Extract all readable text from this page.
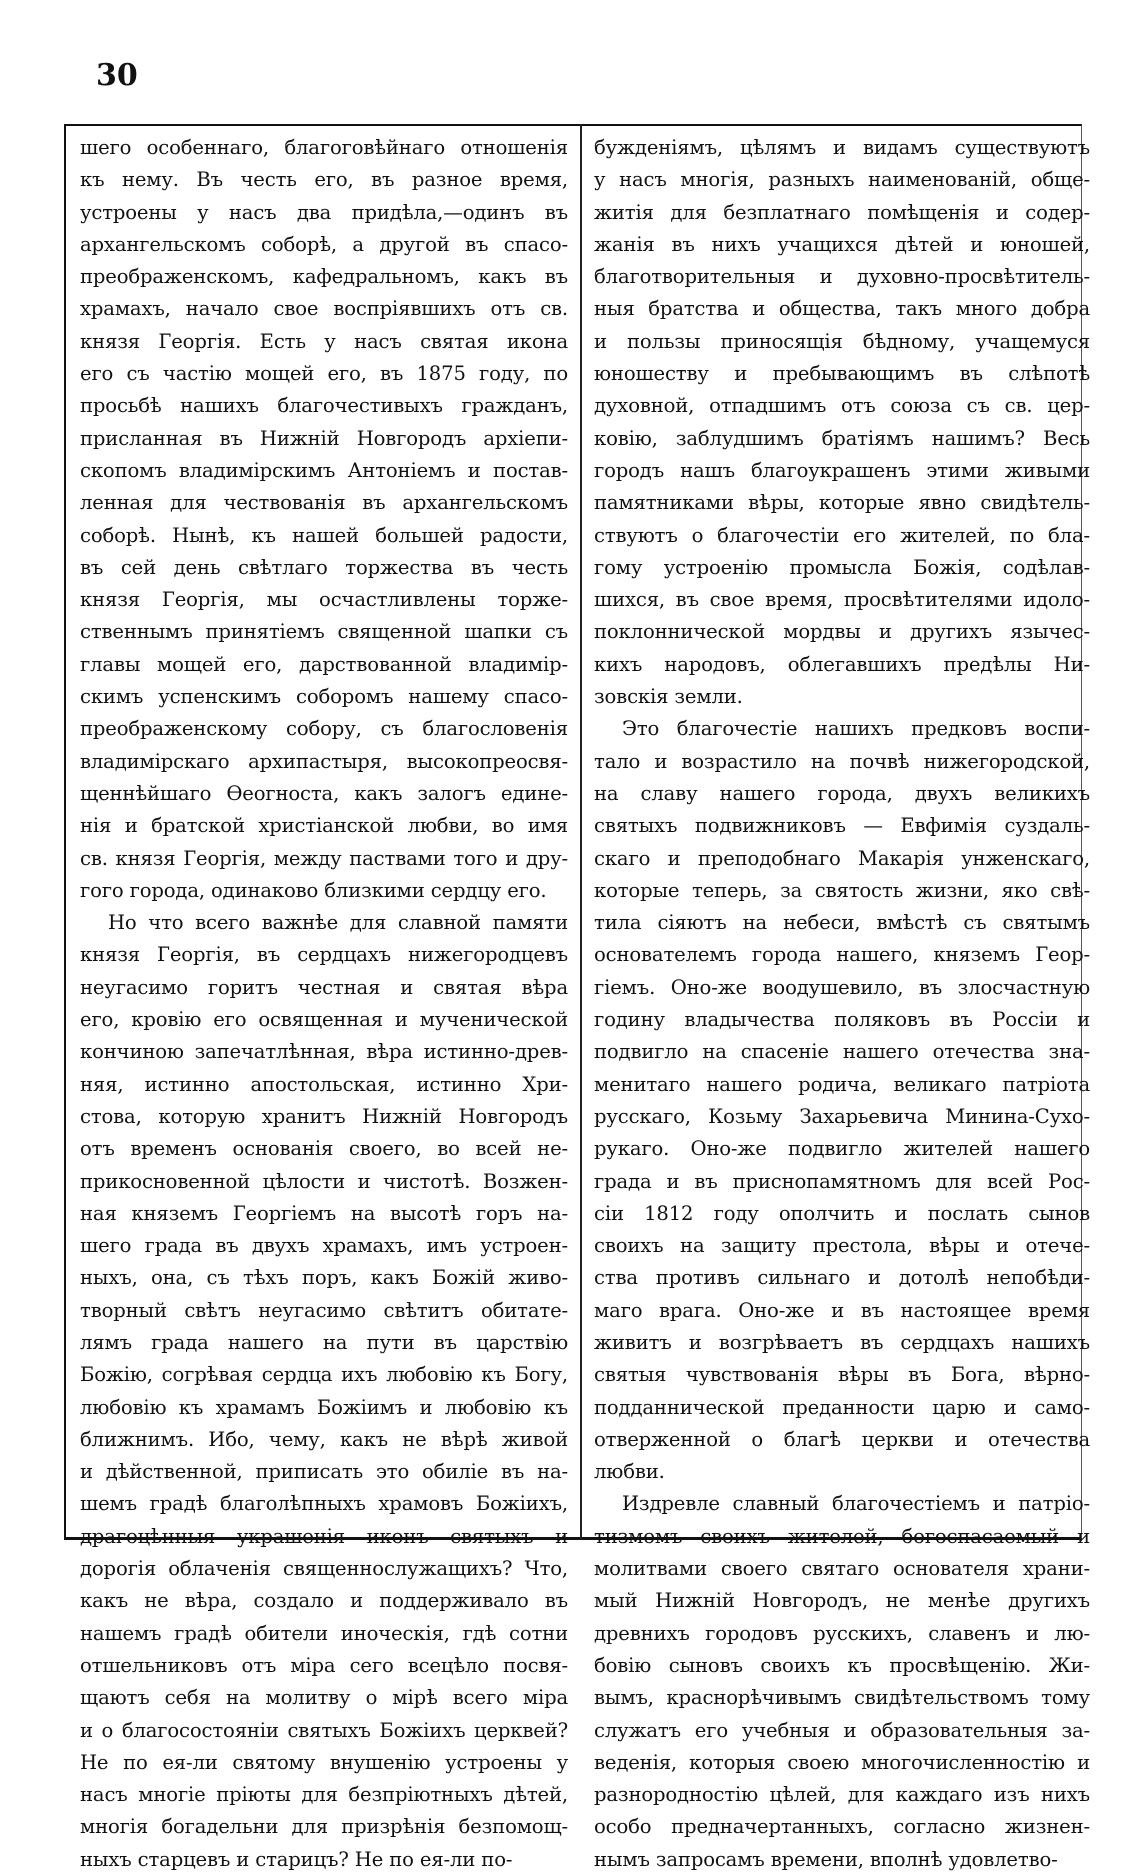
30
шего особеннаго, благоговѣйнаго отношенія
къ нему. Въ честь его, въ разное время,
устроены у насъ два придѣла,—одинъ въ
архангельскомъ соборѣ, а другой въ спасо-
преображенскомъ, кафедральномъ, какъ въ
храмахъ, начало свое воспріявшихъ отъ св.
князя Георгія. Есть у насъ святая икона
его съ частію мощей его, въ 1875 году, по
просьбѣ нашихъ благочестивыхъ гражданъ,
присланная въ Нижній Новгородъ архіепи-
скопомъ владимірскимъ Антоніемъ и постав-
ленная для чествованія въ архангельскомъ
соборѣ. Нынѣ, къ нашей большей радости,
въ сей день свѣтлаго торжества въ честь
князя Георгія, мы осчастливлены торже-
ственнымъ принятіемъ священной шапки съ
главы мощей его, дарствованной владимір-
скимъ успенскимъ соборомъ нашему спасо-
преображенскому собору, съ благословенія
владимірскаго архипастыря, высокопреосвя-
щеннѣйшаго Ѳеогноста, какъ залогъ едине-
нія и братской христіанской любви, во имя
св. князя Георгія, между паствами того и дру-
гого города, одинаково близкими сердцу его.
Но что всего важнѣе для славной памяти
князя Георгія, въ сердцахъ нижегородцевъ
неугасимо горитъ честная и святая вѣра
его, кровію его освященная и мученической
кончиною запечатлѣнная, вѣра истинно-древ-
няя, истинно апостольская, истинно Хри-
стова, которую хранитъ Нижній Новгородъ
отъ временъ основанія своего, во всей не-
прикосновенной цѣлости и чистотѣ. Возжен-
ная княземъ Георгіемъ на высотѣ горъ на-
шего града въ двухъ храмахъ, имъ устроен-
ныхъ, она, съ тѣхъ поръ, какъ Божій живо-
творный свѣтъ неугасимо свѣтитъ обитате-
лямъ града нашего на пути въ царствію
Божію, согрѣвая сердца ихъ любовію къ Богу,
любовію къ храмамъ Божіимъ и любовію къ
ближнимъ. Ибо, чему, какъ не вѣрѣ живой
и дѣйственной, приписать это обиліе въ на-
шемъ градѣ благолѣпныхъ храмовъ Божіихъ,
драгоцѣнныя украшенія иконъ святыхъ и
дорогія облаченія священнослужащихъ? Что,
какъ не вѣра, создало и поддерживало въ
нашемъ градѣ обители иноческія, гдѣ сотни
отшельниковъ отъ міра сего всецѣло посвя-
щаютъ себя на молитву о мірѣ всего міра
и о благосостояніи святыхъ Божіихъ церквей?
Не по ея-ли святому внушенію устроены у
насъ многіе пріюты для безпріютныхъ дѣтей,
многія богадельни для призрѣнія безпомощ-
ныхъ старцевъ и старицъ? Не по ея-ли по-
бужденіямъ, цѣлямъ и видамъ существуютъ
у насъ многія, разныхъ наименованій, обще-
житія для безплатнаго помѣщенія и содер-
жанія въ нихъ учащихся дѣтей и юношей,
благотворительныя и духовно-просвѣтитель-
ныя братства и общества, такъ много добра
и пользы приносящія бѣдному, учащемуся
юношеству и пребывающимъ въ слѣпотѣ
духовной, отпадшимъ отъ союза съ св. цер-
ковію, заблудшимъ братіямъ нашимъ? Весь
городъ нашъ благоукрашенъ этими живыми
памятниками вѣры, которые явно свидѣтель-
ствуютъ о благочестіи его жителей, по бла-
гому устроенію промысла Божія, содѣлав-
шихся, въ свое время, просвѣтителями идоло-
поклоннической мордвы и другихъ язычес-
кихъ народовъ, облегавшихъ предѣлы Ни-
зовскія земли.
Это благочестіе нашихъ предковъ воспи-
тало и возрастило на почвѣ нижегородской,
на славу нашего города, двухъ великихъ
святыхъ подвижниковъ — Евфимія суздаль-
скаго и преподобнаго Макарія унженскаго,
которые теперь, за святость жизни, яко свѣ-
тила сіяютъ на небеси, вмѣстѣ съ святымъ
основателемъ города нашего, княземъ Геор-
гіемъ. Оно-же воодушевило, въ злосчастную
годину владычества поляковъ въ Россіи и
подвигло на спасеніе нашего отечества зна-
менитаго нашего родича, великаго патріота
русскаго, Козьму Захарьевича Минина-Сухо-
рукаго. Оно-же подвигло жителей нашего
града и въ приснопамятномъ для всей Рос-
сіи 1812 году ополчить и послать сынов
своихъ на защиту престола, вѣры и отече-
ства противъ сильнаго и дотолѣ непобѣди-
маго врага. Оно-же и въ настоящее время
живитъ и возгрѣваетъ въ сердцахъ нашихъ
святыя чувствованія вѣры въ Бога, вѣрно-
подданнической преданности царю и само-
отверженной о благѣ церкви и отечества
любви.
Издревле славный благочестіемъ и патріо-
тизмомъ своихъ жителей, богоспасаемый и
молитвами своего святаго основателя хрaни-
мый Нижній Новгородъ, не менѣе другихъ
древнихъ городовъ русскихъ, славенъ и лю-
бовію сыновъ своихъ къ просвѣщенію. Жи-
вымъ, краснорѣчивымъ свидѣтельствомъ тому
служатъ его учебныя и образовательныя за-
веденія, которыя своею многочисленностію и
разнородностію цѣлей, для каждаго изъ нихъ
особо предначертанныхъ, согласно жизнен-
нымъ запросамъ времени, вполнѣ удовлетво-
